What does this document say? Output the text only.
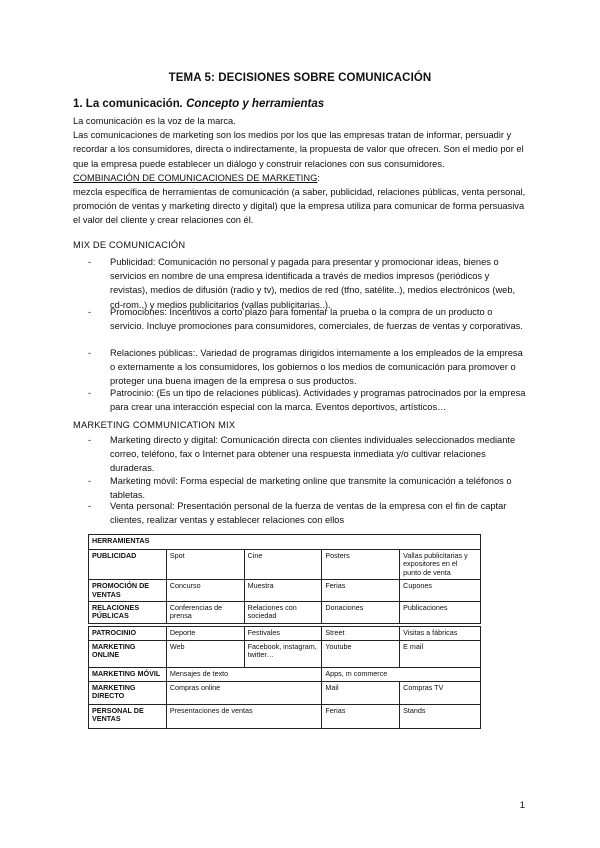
TEMA 5: DECISIONES SOBRE COMUNICACIÓN
1. La comunicación. Concepto y herramientas

La comunicación es la voz de la marca.

Las comunicaciones de marketing son los medios por los que las empresas tratan de informar, persuadir y recordar a los consumidores, directa o indirectamente, la propuesta de valor que ofrecen. Son el medio por el que la empresa puede establecer un diálogo y construir relaciones con sus consumidores.

COMBINACIÓN DE COMUNICACIONES DE MARKETING:
mezcla específica de herramientas de comunicación (a saber, publicidad, relaciones públicas, venta personal, promoción de ventas y marketing directo y digital) que la empresa utiliza para comunicar de forma persuasiva el valor del cliente y crear relaciones con él.

MIX DE COMUNICACIÓN
- Publicidad: Comunicación no personal y pagada para presentar y promocionar ideas, bienes o servicios en nombre de una empresa identificada a través de medios impresos (periódicos y revistas), medios de difusión (radio y tv), medios de red (tfno, satélite..), medios electrónicos (web, cd-rom..) y medios publicitarios (vallas publicitarias..).
- Promociones: Incentivos a corto plazo para fomentar la prueba o la compra de un producto o servicio. Incluye promociones para consumidores, comerciales, de fuerzas de ventas y corporativas.
- Relaciones públicas:. Variedad de programas dirigidos internamente a los empleados de la empresa o externamente a los consumidores, los gobiernos o los medios de comunicación para promover o proteger una buena imagen de la empresa o sus productos.
- Patrocinio: (Es un tipo de relaciones públicas). Actividades y programas patrocinados por la empresa para crear una interacción especial con la marca. Eventos deportivos, artísticos…
MARKETING COMMUNICATION MIX
- Marketing directo y digital: Comunicación directa con clientes individuales seleccionados mediante correo, teléfono, fax o Internet para obtener una respuesta inmediata y/o cultivar relaciones duraderas.
- Marketing móvil: Forma especial de marketing online que transmite la comunicación a teléfonos o tabletas.
- Venta personal: Presentación personal de la fuerza de ventas de la empresa con el fin de captar clientes, realizar ventas y establecer relaciones con ellos
HERRAMIENTAS				
PUBLICIDAD	Spot	Cine	Posters	Vallas publicitarias y expositores en el punto de venta
PROMOCIÓN DE VENTAS	Concurso	Muestra	Ferias	Cupones
RELACIONES PÚBLICAS	Conferencias de prensa	Relaciones con sociedad	Donaciones	Publicaciones

PATROCINIO	Deporte	Festivales	Street	Visitas a fábricas
MARKETING ONLINE	Web	Facebook, instagram, twitter…	Youtube	E mail
MARKETING MÓVIL	Mensajes de texto		Apps, m commerce	
MARKETING DIRECTO	Compras online		Mail	Compras TV
PERSONAL DE VENTAS	Presentaciones de ventas		Ferias	Stands
1
